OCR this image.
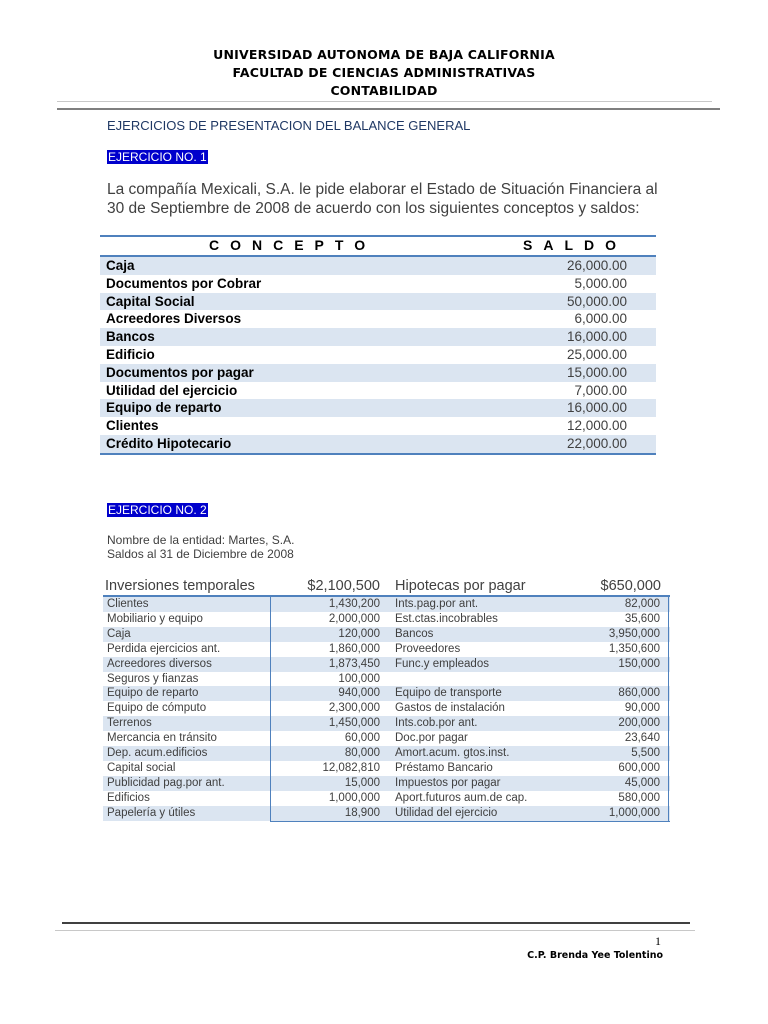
UNIVERSIDAD AUTONOMA DE BAJA CALIFORNIA
FACULTAD DE CIENCIAS ADMINISTRATIVAS
CONTABILIDAD
EJERCICIOS DE PRESENTACION DEL BALANCE GENERAL
EJERCICIO NO. 1
La compañía Mexicali, S.A. le pide elaborar el Estado de Situación Financiera al 30 de Septiembre de 2008 de acuerdo con los siguientes conceptos y saldos:
CONCEPTO	SALDO
Caja	26,000.00
Documentos por Cobrar	5,000.00
Capital Social	50,000.00
Acreedores Diversos	6,000.00
Bancos	16,000.00
Edificio	25,000.00
Documentos por pagar	15,000.00
Utilidad del ejercicio	7,000.00
Equipo de reparto	16,000.00
Clientes	12,000.00
Crédito Hipotecario	22,000.00
EJERCICIO NO. 2
Nombre de la entidad: Martes, S.A.
Saldos al 31 de Diciembre de 2008
Inversiones temporales	$2,100,500 Hipotecas por pagar	$650,000
Clientes	1,430,200 Ints.pag.por ant.	82,000
Mobiliario y equipo	2,000,000 Est.ctas.incobrables	35,600
Caja	120,000 Bancos	3,950,000
Perdida ejercicios ant.	1,860,000 Proveedores	1,350,600
Acreedores diversos	1,873,450 Func.y empleados	150,000
Seguros y fianzas	100,000
Equipo de reparto	940,000 Equipo de transporte	860,000
Equipo de cómputo	2,300,000 Gastos de instalación	90,000
Terrenos	1,450,000 Ints.cob.por ant.	200,000
Mercancia en tránsito	60,000 Doc.por pagar	23,640
Dep. acum.edificios	80,000 Amort.acum. gtos.inst.	5,500
Capital social	12,082,810 Préstamo Bancario	600,000
Publicidad pag.por ant.	15,000 Impuestos por pagar	45,000
Edificios	1,000,000 Aport.futuros aum.de cap.	580,000
Papelería y útiles	18,900 Utilidad del ejercicio	1,000,000
1
C.P. Brenda Yee Tolentino
